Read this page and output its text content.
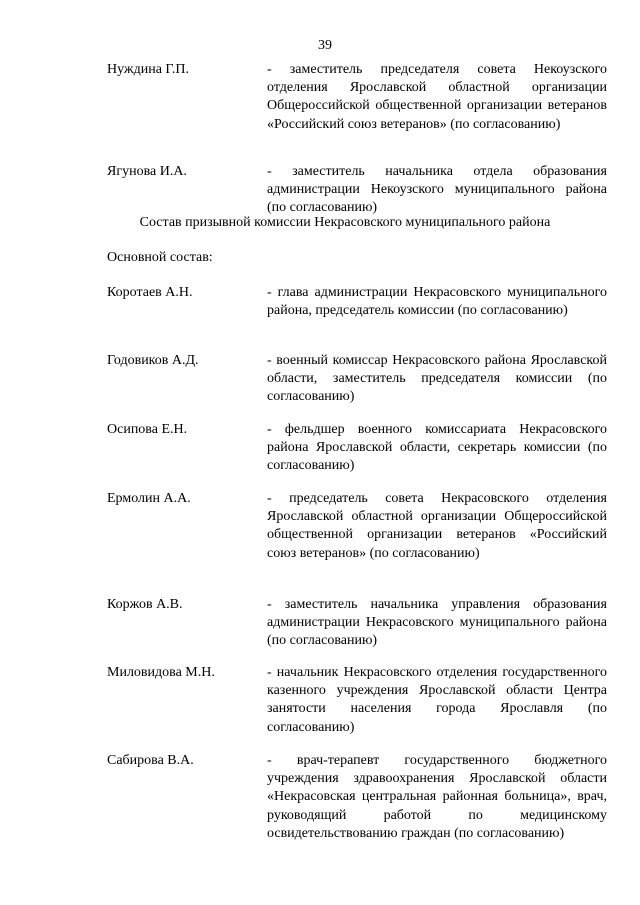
39
Нуждина Г.П.	- заместитель председателя совета Некоузского отделения Ярославской областной организации Общероссийской общественной организации ветеранов «Российский союз ветеранов» (по согласованию)
Ягунова И.А.	- заместитель начальника отдела образования администрации Некоузского муниципального района (по согласованию)
Состав призывной комиссии Некрасовского муниципального района
Основной состав:
Коротаев А.Н.	- глава администрации Некрасовского муниципального района, председатель комиссии (по согласованию)
Годовиков А.Д.	- военный комиссар Некрасовского района Ярославской области, заместитель председателя комиссии (по согласованию)
Осипова Е.Н.	- фельдшер военного комиссариата Некрасовского района Ярославской области, секретарь комиссии (по согласованию)
Ермолин А.А.	- председатель совета Некрасовского отделения Ярославской областной организации Общероссийской общественной организации ветеранов «Российский союз ветеранов» (по согласованию)
Коржов А.В.	- заместитель начальника управления образования администрации Некрасовского муниципального района (по согласованию)
Миловидова М.Н.	- начальник Некрасовского отделения государственного казенного учреждения Ярославской области Центра занятости населения города Ярославля (по согласованию)
Сабирова В.А.	- врач-терапевт государственного бюджетного учреждения здравоохранения Ярославской области «Некрасовская центральная районная больница», врач, руководящий работой по медицинскому освидетельствованию граждан (по согласованию)
